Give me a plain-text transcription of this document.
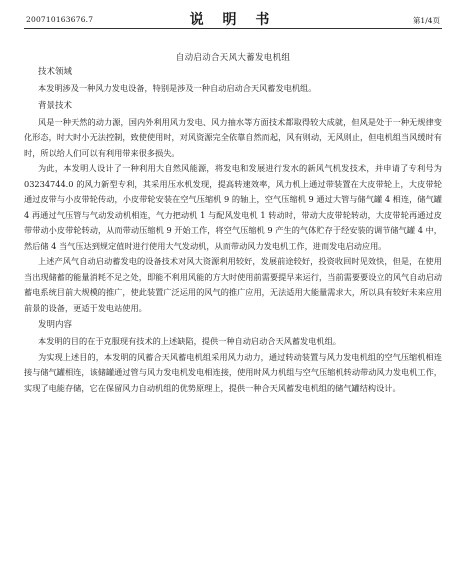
200710163676.7	说 明 书	第1/4页
自动启动合天风大蓄发电机组
技术领域

本发明涉及一种风力发电设备，特别是涉及一种自动启动合天风蓄发电机组。

背景技术

风是一种天然的动力源，国内外利用风力发电、风力抽水等方面技术都取得较大成就，但风是处于一种无规律变化形态，时大时小无法控制，致使使用时，对风资源完全依靠自然而起，风有则动，无风则止，但电机组当风缓时有时，所以给人们可以有利用带来很多损失。

为此，本发明人设计了一种利用大自然风能源，将发电和发展进行发水的新风气机发技术，并申请了专利号为 03234744.0 的风力新型专利，其采用压水机发现，提高转速效率，风力机上通过带装置在大皮带轮上，大皮带轮通过皮带与小皮带轮传动，小皮带轮安装在空气压缩机 9 的轴上，空气压缩机 9 通过大管与储气罐 4 相连，储气罐 4 再通过气压管与气动发动机相连，气力把动机 1 与配风发电机 1 转动时，带动大皮带轮转动，大皮带轮再通过皮带带动小皮带轮转动，从而带动压缩机 9 开始工作，将空气压缩机 9 产生的气体贮存于经安装的调节储气罐 4 中，然后储 4 当气压达到规定值时进行使用大气发动机，从而带动风力发电机工作，进而发电启动应用。

上述产风气自动启动蓄发电的设备技术对风大资源利用较好，发展前途较好，投资收回时见效快，但是，在使用当出现储蓄的能量消耗不足之处，即能不利用风能的方大时使用前需要提早来运行，当前需要要设立的风气自动启动蓄电系统目前大规模的推广，使此装置广泛运用的风气的推广应用，无法适用大能量需求大，所以具有较好未来应用前景的设备，更适于发电站使用。

发明内容

本发明的目的在于克服现有技术的上述缺陷，提供一种自动启动合天风蓄发电机组。

为实现上述目的，本发明的风蓄合天风蓄电机组采用风力动力，通过转动装置与风力发电机组的空气压缩机相连接与储气罐相连，该储罐通过管与风力发电机发电相连接，使用时风力机组与空气压缩机转动带动风力发电机工作，实现了电能存储，它在保留风力自动机组的优势原理上，提供一种合天风蓄发电机组的储气罐结构设计。
